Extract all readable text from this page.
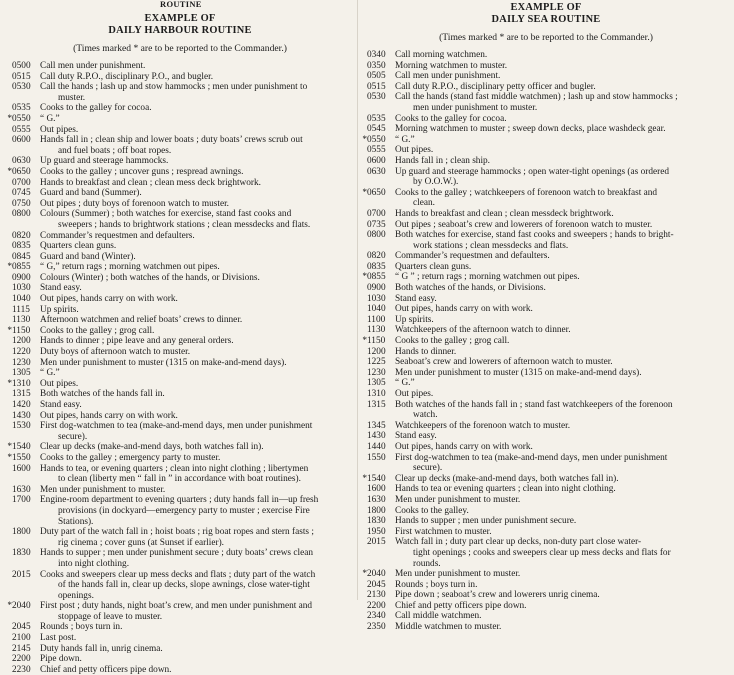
ROUTINE
EXAMPLE OF
DAILY HARBOUR ROUTINE
(Times marked * are to be reported to the Commander.)
0500	Call men under punishment.
0515	Call duty R.P.O., disciplinary P.O., and bugler.
0530	Call the hands ; lash up and stow hammocks ; men under punishment to
muster.
0535	Cooks to the galley for cocoa.
* 0550	“ G.”
0555	Out pipes.
0600	Hands fall in ; clean ship and lower boats ; duty boats’ crews scrub out
and fuel boats ; off boat ropes.
0630	Up guard and steerage hammocks.
* 0650	Cooks to the galley ; uncover guns ; respread awnings.
0700	Hands to breakfast and clean ; clean mess deck brightwork.
0745	Guard and band (Summer).
0750	Out pipes ; duty boys of forenoon watch to muster.
0800	Colours (Summer) ; both watches for exercise, stand fast cooks and
sweepers ; hands to brightwork stations ; clean messdecks and flats.
0820	Commander’s requestmen and defaulters.
0835	Quarters clean guns.
0845	Guard and band (Winter).
* 0855	“ G,” return rags ; morning watchmen out pipes.
0900	Colours (Winter) ; both watches of the hands, or Divisions.
1030	Stand easy.
1040	Out pipes, hands carry on with work.
1115	Up spirits.
1130	Afternoon watchmen and relief boats’ crews to dinner.
* 1150	Cooks to the galley ; grog call.
1200	Hands to dinner ; pipe leave and any general orders.
1220	Duty boys of afternoon watch to muster.
1230	Men under punishment to muster (1315 on make-and-mend days).
1305	“ G.”
* 1310	Out pipes.
1315	Both watches of the hands fall in.
1420	Stand easy.
1430	Out pipes, hands carry on with work.
1530	First dog-watchmen to tea (make-and-mend days, men under punishment
secure).
* 1540	Clear up decks (make-and-mend days, both watches fall in).
* 1550	Cooks to the galley ; emergency party to muster.
1600	Hands to tea, or evening quarters ; clean into night clothing ; libertymen
to clean (liberty men “ fall in ” in accordance with boat routines).
1630	Men under punishment to muster.
1700	Engine-room department to evening quarters ; duty hands fall in—up fresh
provisions (in dockyard—emergency party to muster ; exercise Fire
Stations).
1800	Duty part of the watch fall in ; hoist boats ; rig boat ropes and stern fasts ;
rig cinema ; cover guns (at Sunset if earlier).
1830	Hands to supper ; men under punishment secure ; duty boats’ crews clean
into night clothing.
2015	Cooks and sweepers clear up mess decks and flats ; duty part of the watch
of the hands fall in, clear up decks, slope awnings, close water-tight
openings.
* 2040	First post ; duty hands, night boat’s crew, and men under punishment and
stoppage of leave to muster.
2045	Rounds ; boys turn in.
2100	Last post.
2145	Duty hands fall in, unrig cinema.
2200	Pipe down.
2230	Chief and petty officers pipe down.
EXAMPLE OF
DAILY SEA ROUTINE
(Times marked * are to be reported to the Commander.)
0340	Call morning watchmen.
0350	Morning watchmen to muster.
0505	Call men under punishment.
0515	Call duty R.P.O., disciplinary petty officer and bugler.
0530	Call the hands (stand fast middle watchmen) ; lash up and stow hammocks ;
men under punishment to muster.
0535	Cooks to the galley for cocoa.
0545	Morning watchmen to muster ; sweep down decks, place washdeck gear.
* 0550	“ G.”
0555	Out pipes.
0600	Hands fall in ; clean ship.
0630	Up guard and steerage hammocks ; open water-tight openings (as ordered
by O.O.W.).
* 0650	Cooks to the galley ; watchkeepers of forenoon watch to breakfast and
clean.
0700	Hands to breakfast and clean ; clean messdeck brightwork.
0735	Out pipes ; seaboat’s crew and lowerers of forenoon watch to muster.
0800	Both watches for exercise, stand fast cooks and sweepers ; hands to bright-
work stations ; clean messdecks and flats.
0820	Commander’s requestmen and defaulters.
0835	Quarters clean guns.
* 0855	“ G ” ; return rags ; morning watchmen out pipes.
0900	Both watches of the hands, or Divisions.
1030	Stand easy.
1040	Out pipes, hands carry on with work.
1100	Up spirits.
1130	Watchkeepers of the afternoon watch to dinner.
* 1150	Cooks to the galley ; grog call.
1200	Hands to dinner.
1225	Seaboat’s crew and lowerers of afternoon watch to muster.
1230	Men under punishment to muster (1315 on make-and-mend days).
1305	“ G.”
1310	Out pipes.
1315	Both watches of the hands fall in ; stand fast watchkeepers of the forenoon
watch.
1345	Watchkeepers of the forenoon watch to muster.
1430	Stand easy.
1440	Out pipes, hands carry on with work.
1550	First dog-watchmen to tea (make-and-mend days, men under punishment
secure).
* 1540	Clear up decks (make-and-mend days, both watches fall in).
1600	Hands to tea or evening quarters ; clean into night clothing.
1630	Men under punishment to muster.
1800	Cooks to the galley.
1830	Hands to supper ; men under punishment secure.
1950	First watchmen to muster.
2015	Watch fall in ; duty part clear up decks, non-duty part close water-
tight openings ; cooks and sweepers clear up mess decks and flats for
rounds.
* 2040	Men under punishment to muster.
2045	Rounds ; boys turn in.
2130	Pipe down ; seaboat’s crew and lowerers unrig cinema.
2200	Chief and petty officers pipe down.
2340	Call middle watchmen.
2350	Middle watchmen to muster.
